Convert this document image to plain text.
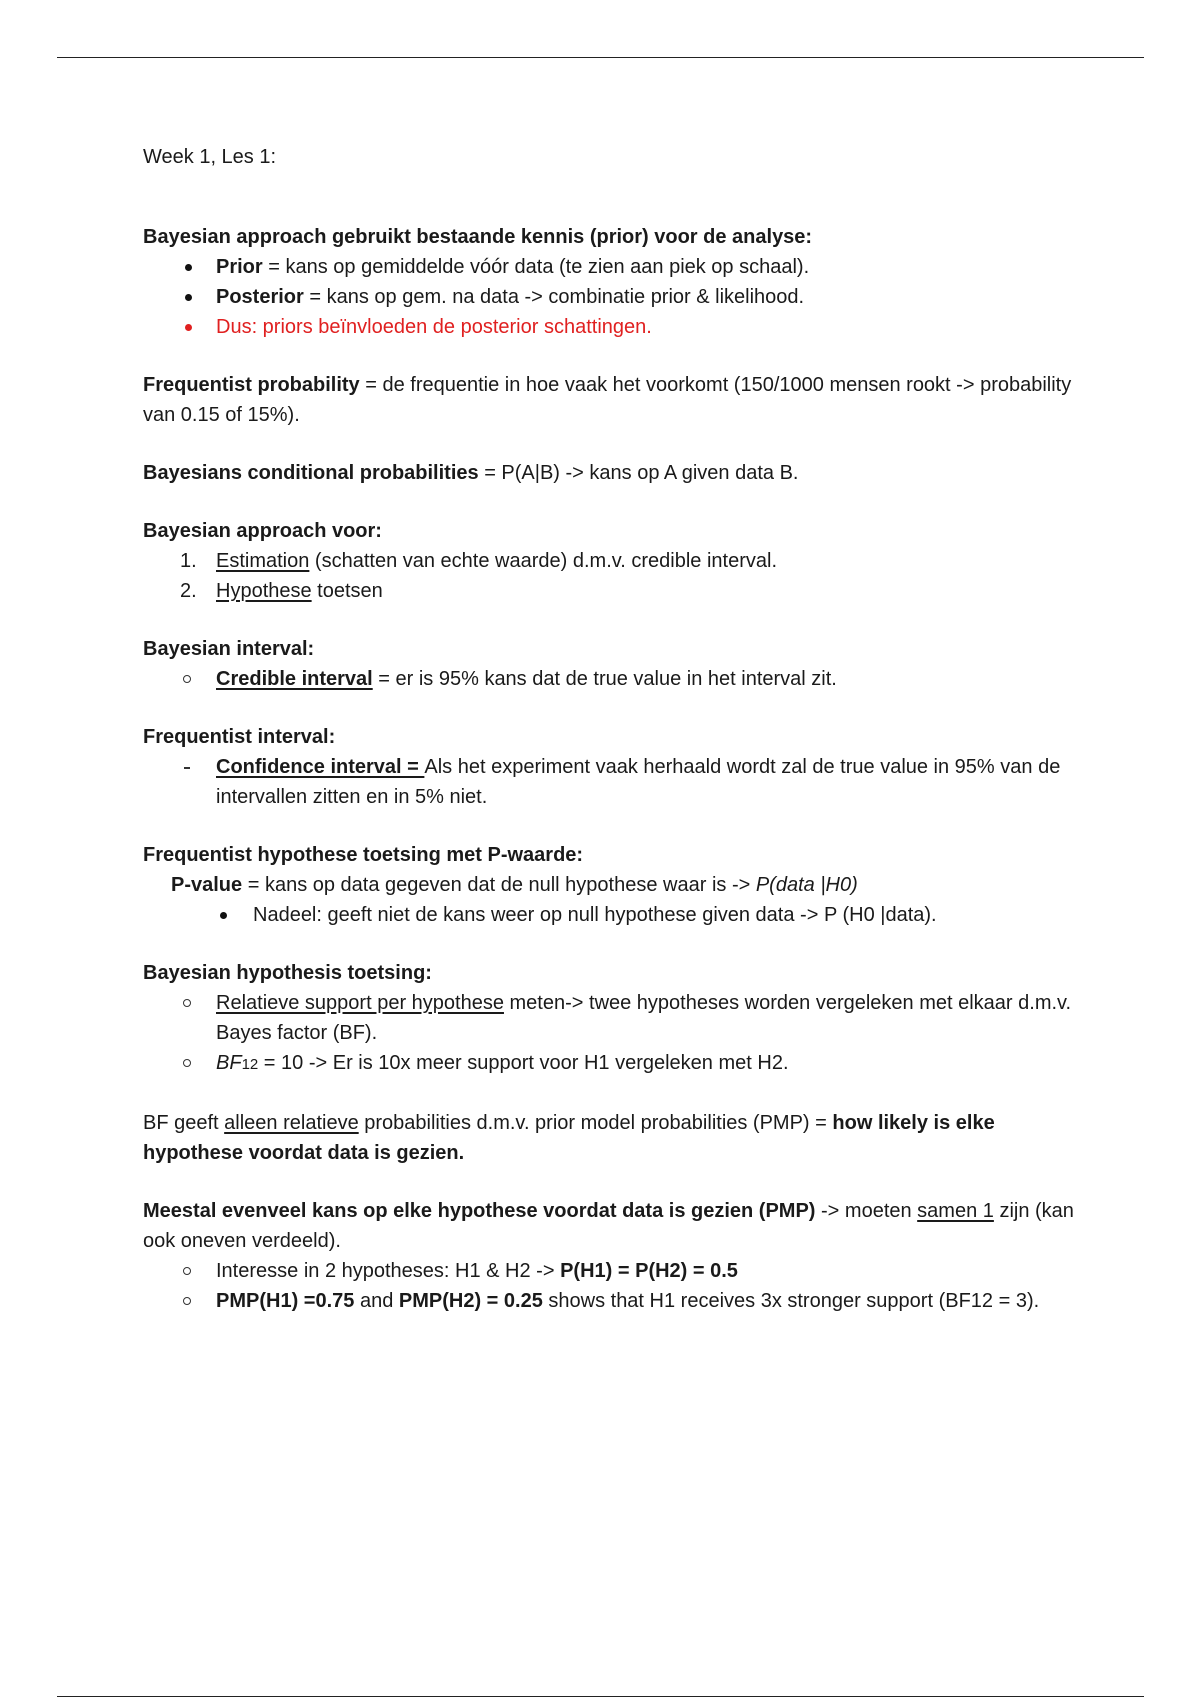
Week 1, Les 1:

Bayesian approach gebruikt bestaande kennis (prior) voor de analyse:

Prior = kans op gemiddelde vóór data (te zien aan piek op schaal).
Posterior = kans op gem. na data -> combinatie prior & likelihood.
Dus: priors beïnvloeden de posterior schattingen.

Frequentist probability = de frequentie in hoe vaak het voorkomt (150/1000 mensen rookt -> probability van 0.15 of 15%).

Bayesians conditional probabilities = P(A|B) -> kans op A given data B.

Bayesian approach voor:

1. Estimation (schatten van echte waarde) d.m.v. credible interval.
2. Hypothese toetsen

Bayesian interval:

Credible interval = er is 95% kans dat de true value in het interval zit.

Frequentist interval:

Confidence interval = Als het experiment vaak herhaald wordt zal de true value in 95% van de intervallen zitten en in 5% niet.

Frequentist hypothese toetsing met P-waarde:

P-value = kans op data gegeven dat de null hypothese waar is -> P(data |H0)

Nadeel: geeft niet de kans weer op null hypothese given data -> P (H0 |data).

Bayesian hypothesis toetsing:

Relatieve support per hypothese meten-> twee hypotheses worden vergeleken met elkaar d.m.v. Bayes factor (BF).
BF12 = 10 -> Er is 10x meer support voor H1 vergeleken met H2.

BF geeft alleen relatieve probabilities d.m.v. prior model probabilities (PMP) = how likely is elke hypothese voordat data is gezien.

Meestal evenveel kans op elke hypothese voordat data is gezien (PMP) -> moeten samen 1 zijn (kan ook oneven verdeeld).

Interesse in 2 hypotheses: H1 & H2 -> P(H1) = P(H2) = 0.5
PMP(H1) =0.75 and PMP(H2) = 0.25 shows that H1 receives 3x stronger support (BF12 = 3).
